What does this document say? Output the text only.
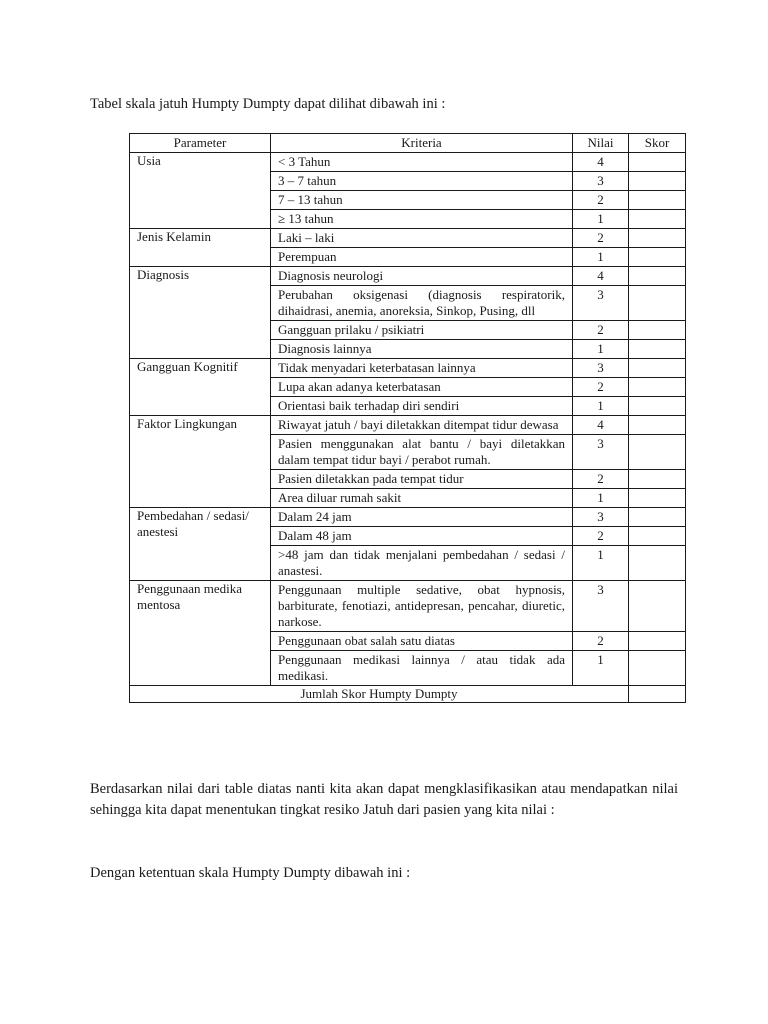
Tabel skala jatuh Humpty Dumpty dapat dilihat dibawah ini :

Parameter	Kriteria	Nilai	Skor
Usia	< 3 Tahun	4	
	3 – 7 tahun	3	
	7 – 13 tahun	2	
	≥ 13 tahun	1	
Jenis Kelamin	Laki – laki	2	
	Perempuan	1	
Diagnosis	Diagnosis neurologi	4	
	Perubahan oksigenasi (diagnosis respiratorik, dihaidrasi, anemia, anoreksia, Sinkop, Pusing, dll	3	
	Gangguan prilaku / psikiatri	2	
	Diagnosis lainnya	1	
Gangguan Kognitif	Tidak menyadari keterbatasan lainnya	3	
	Lupa akan adanya keterbatasan	2	
	Orientasi baik terhadap diri sendiri	1	
Faktor Lingkungan	Riwayat jatuh / bayi diletakkan ditempat tidur dewasa	4	
	Pasien menggunakan alat bantu / bayi diletakkan dalam tempat tidur bayi / perabot rumah.	3	
	Pasien diletakkan pada tempat tidur	2	
	Area diluar rumah sakit	1	
Pembedahan / sedasi/ anestesi	Dalam 24 jam	3	
	Dalam 48 jam	2	
	>48 jam dan tidak menjalani pembedahan / sedasi / anastesi.	1	
Penggunaan medika mentosa	Penggunaan multiple sedative, obat hypnosis, barbiturate, fenotiazi, antidepresan, pencahar, diuretic, narkose.	3	
	Penggunaan obat salah satu diatas	2	
	Penggunaan medikasi lainnya / atau tidak ada medikasi.	1	
Jumlah Skor Humpty Dumpty			

Berdasarkan nilai dari table diatas nanti kita akan dapat mengklasifikasikan atau mendapatkan nilai sehingga kita dapat menentukan tingkat resiko Jatuh dari pasien yang kita nilai :

Dengan ketentuan skala Humpty Dumpty dibawah ini :
